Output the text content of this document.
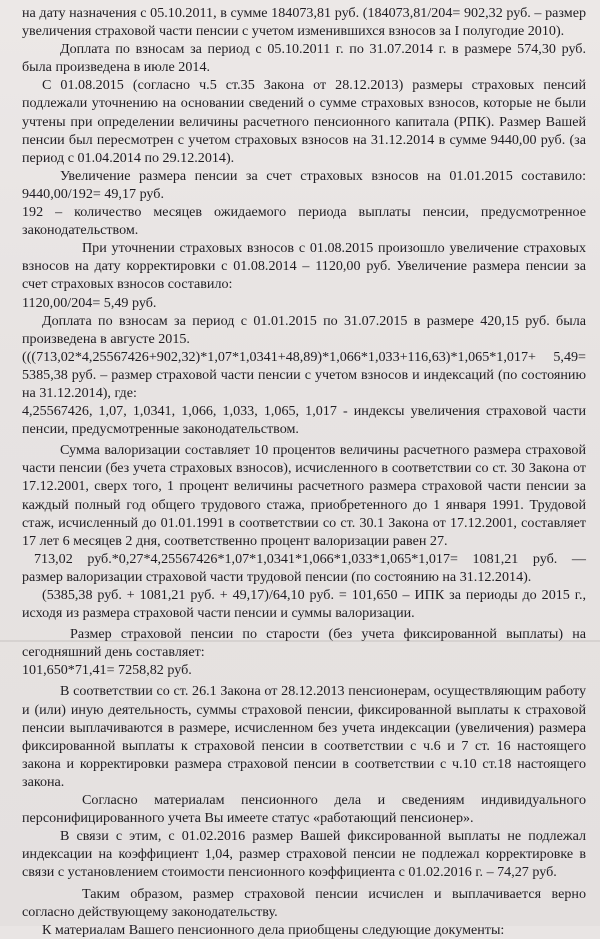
на дату назначения с 05.10.2011, в сумме 184073,81 руб. (184073,81/204= 902,32 руб. – размер увеличения страховой части пенсии с учетом изменившихся взносов за I полугодие 2010).

Доплата по взносам за период с 05.10.2011 г. по 31.07.2014 г. в размере 574,30 руб. была произведена в июле 2014.

С 01.08.2015 (согласно ч.5 ст.35 Закона от 28.12.2013) размеры страховых пенсий подлежали уточнению на основании сведений о сумме страховых взносов, которые не были учтены при определении величины расчетного пенсионного капитала (РПК). Размер Вашей пенсии был пересмотрен с учетом страховых взносов на 31.12.2014 в сумме 9440,00 руб. (за период с 01.04.2014 по 29.12.2014).

Увеличение размера пенсии за счет страховых взносов на 01.01.2015 составило: 9440,00/192= 49,17 руб.

192 – количество месяцев ожидаемого периода выплаты пенсии, предусмотренное законодательством.

При уточнении страховых взносов с 01.08.2015 произошло увеличение страховых взносов на дату корректировки с 01.08.2014 – 1120,00 руб. Увеличение размера пенсии за счет страховых взносов составило:

1120,00/204= 5,49 руб.

Доплата по взносам за период с 01.01.2015 по 31.07.2015 в размере 420,15 руб. была произведена в августе 2015.

(((713,02*4,25567426+902,32)*1,07*1,0341+48,89)*1,066*1,033+116,63)*1,065*1,017+ 5,49= 5385,38 руб. – размер страховой части пенсии с учетом взносов и индексаций (по состоянию на 31.12.2014), где:

4,25567426, 1,07, 1,0341, 1,066, 1,033, 1,065, 1,017 - индексы увеличения страховой части пенсии, предусмотренные законодательством.

Сумма валоризации составляет 10 процентов величины расчетного размера страховой части пенсии (без учета страховых взносов), исчисленного в соответствии со ст. 30 Закона от 17.12.2001, сверх того, 1 процент величины расчетного размера страховой части пенсии за каждый полный год общего трудового стажа, приобретенного до 1 января 1991. Трудовой стаж, исчисленный до 01.01.1991 в соответствии со ст. 30.1 Закона от 17.12.2001, составляет 17 лет 6 месяцев 2 дня, соответственно процент валоризации равен 27.

713,02 руб.*0,27*4,25567426*1,07*1,0341*1,066*1,033*1,065*1,017= 1081,21 руб. — размер валоризации страховой части трудовой пенсии (по состоянию на 31.12.2014).

(5385,38 руб. + 1081,21 руб. + 49,17)/64,10 руб. = 101,650 – ИПК за периоды до 2015 г., исходя из размера страховой части пенсии и суммы валоризации.

Размер страховой пенсии по старости (без учета фиксированной выплаты) на сегодняшний день составляет:

101,650*71,41= 7258,82 руб.

В соответствии со ст. 26.1 Закона от 28.12.2013 пенсионерам, осуществляющим работу и (или) иную деятельность, суммы страховой пенсии, фиксированной выплаты к страховой пенсии выплачиваются в размере, исчисленном без учета индексации (увеличения) размера фиксированной выплаты к страховой пенсии в соответствии с ч.6 и 7 ст. 16 настоящего закона и корректировки размера страховой пенсии в соответствии с ч.10 ст.18 настоящего закона.

Согласно материалам пенсионного дела и сведениям индивидуального персонифицированного учета Вы имеете статус «работающий пенсионер».

В связи с этим, с 01.02.2016 размер Вашей фиксированной выплаты не подлежал индексации на коэффициент 1,04, размер страховой пенсии не подлежал корректировке в связи с установлением стоимости пенсионного коэффициента с 01.02.2016 г. – 74,27 руб.

Таким образом, размер страховой пенсии исчислен и выплачивается верно согласно действующему законодательству.

К материалам Вашего пенсионного дела приобщены следующие документы:
